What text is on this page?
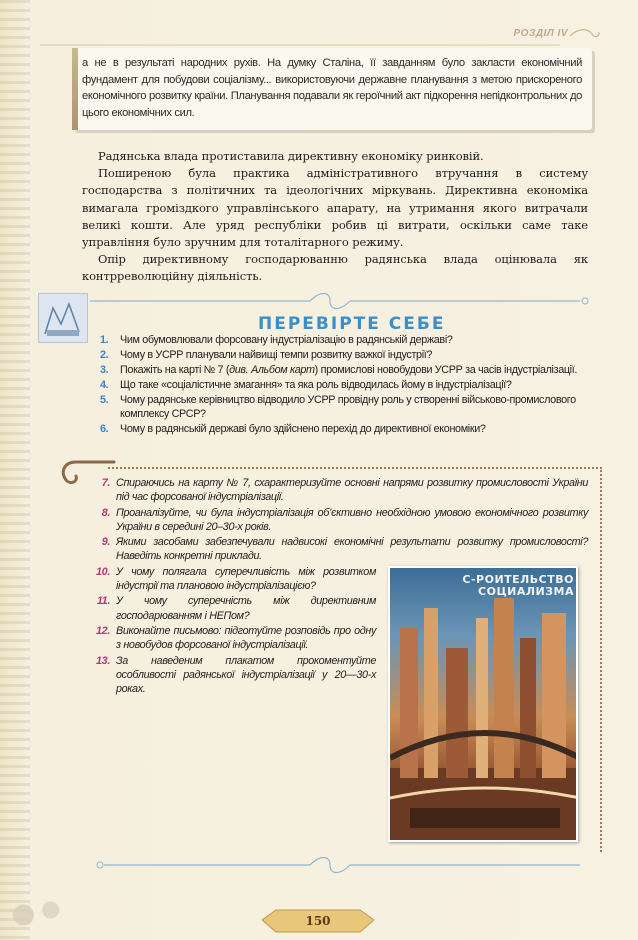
РОЗДІЛ IV

а не в результаті народних рухів. На думку Сталіна, її завданням було закласти економічний фундамент для побудови соціалізму... використовуючи державне планування з метою прискореного економічного розвитку країни. Планування подавали як героїчний акт підкорення непідконтрольних до цього економічних сил.

Радянська влада протиставила директивну економіку ринковій.

Поширеною була практика адміністративного втручання в систему господарства з політичних та ідеологічних міркувань. Директивна економіка вимагала громіздкого управлінського апарату, на утримання якого витрачали великі кошти. Але уряд республіки робив ці витрати, оскільки саме таке управління було зручним для тоталітарного режиму.

Опір директивному господарюванню радянська влада оцінювала як контрреволюційну діяльність.

ПЕРЕВІРТЕ СЕБЕ
1.	Чим обумовлювали форсовану індустріалізацію в радянській державі?
2.	Чому в УСРР планували найвищі темпи розвитку важкої індустрії?
3.	Покажіть на карті № 7 (див. Альбом карт) промислові новобудови УСРР за часів індустріалізації.
4.	Що таке «соціалістичне змагання» та яка роль відводилась йому в індустріалізації?
5.	Чому радянське керівництво відводило УСРР провідну роль у створенні військово-промислового комплексу СРСР?
6.	Чому в радянській державі було здійснено перехід до директивної економіки?
7. Спираючись на карту № 7, схарактеризуйте основні напрями розвитку промисловості України під час форсованої індустріалізації.
8. Проаналізуйте, чи була індустріалізація об’єктивно необхідною умовою економічного розвитку України в середині 20–30-х років.
9. Якими засобами забезпечували надвисокі економічні результати розвитку промисловості? Наведіть конкретні приклади.
10. У чому полягала суперечливість між розвитком індустрії та плановою індустріалізацією?
11. У чому суперечність між директивним господарюванням і НЕПом?
12. Виконайте письмово: підготуйте розповідь про одну з новобудов форсованої індустріалізації.
13. За наведеним плакатом прокоментуйте особливості радянської індустріалізації у 20—30-х роках.
С-РОИТЕЛЬСТВО
СОЦИАЛИЗМА
150
